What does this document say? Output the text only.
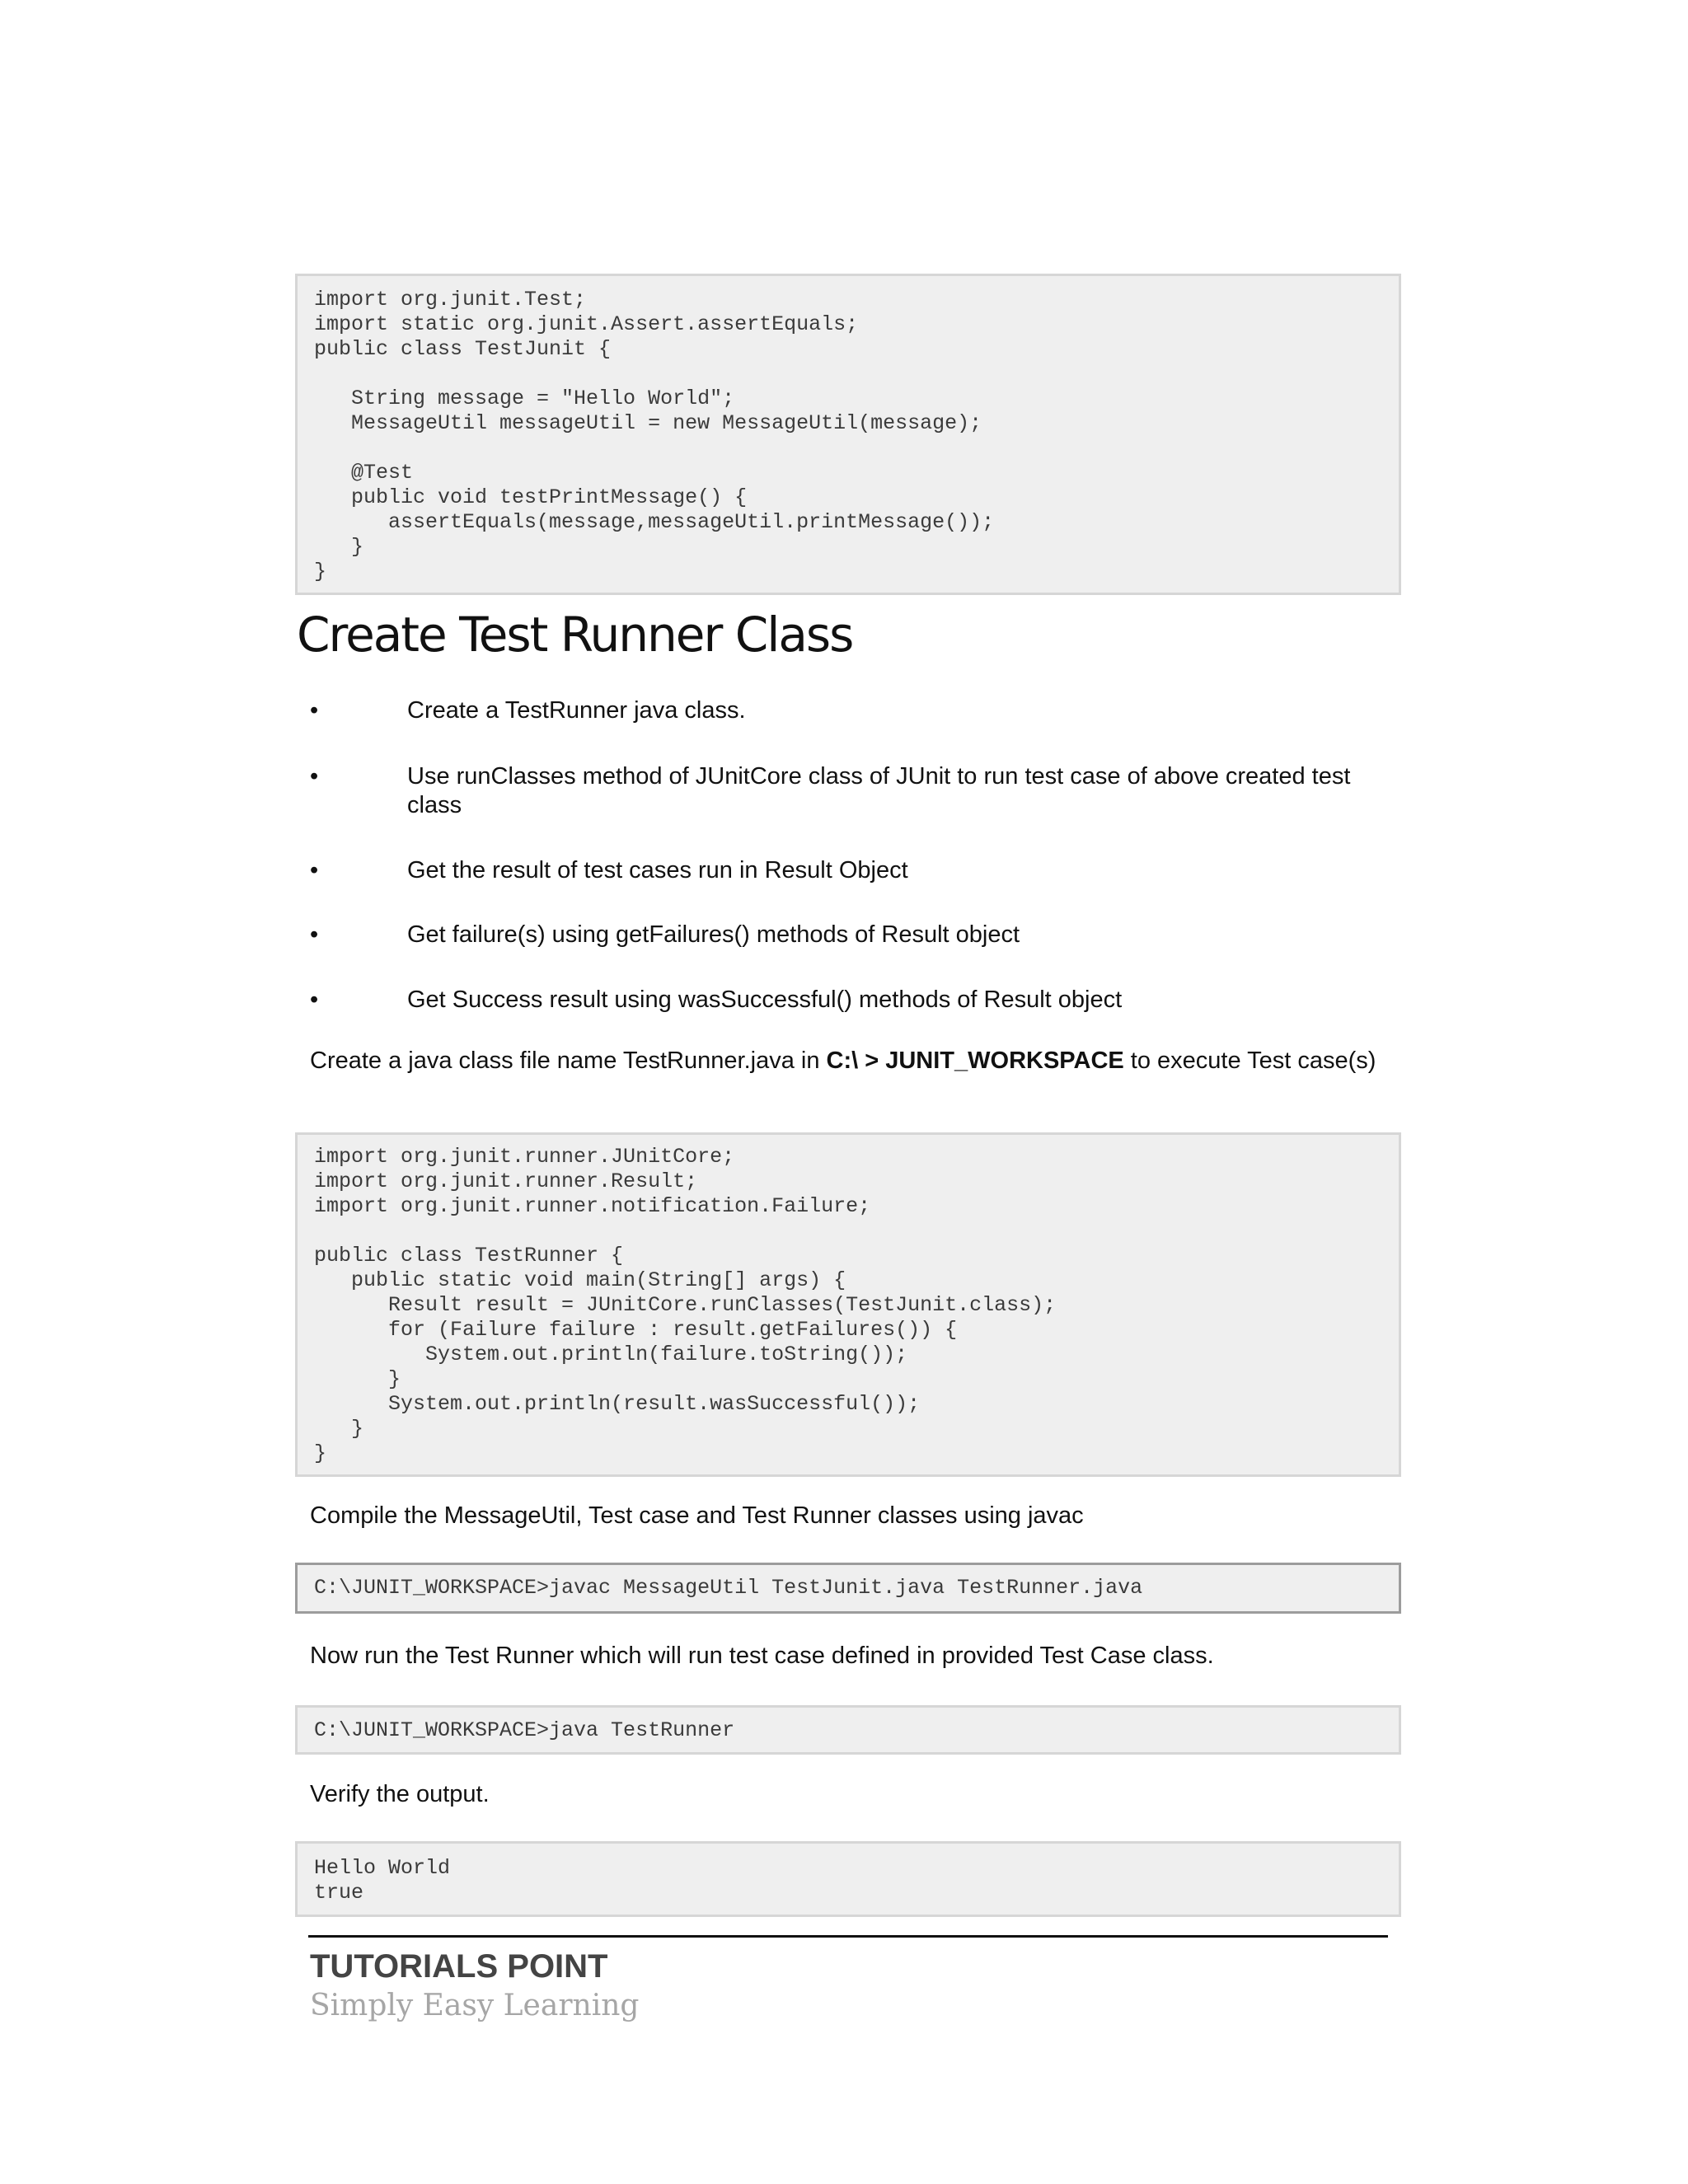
import org.junit.Test;
import static org.junit.Assert.assertEquals;
public class TestJunit {

String message = "Hello World";
MessageUtil messageUtil = new MessageUtil(message);

@Test
public void testPrintMessage() {
assertEquals(message,messageUtil.printMessage());
}
}
Create Test Runner Class
•	Create a TestRunner java class.
•	Use runClasses method of JUnitCore class of JUnit to run test case of above created test class
•	Get the result of test cases run in Result Object
•	Get failure(s) using getFailures() methods of Result object
•	Get Success result using wasSuccessful() methods of Result object

Create a java class file name TestRunner.java in C:\ > JUNIT_WORKSPACE to execute Test case(s)

import org.junit.runner.JUnitCore;
import org.junit.runner.Result;
import org.junit.runner.notification.Failure;

public class TestRunner {
public static void main(String[] args) {
Result result = JUnitCore.runClasses(TestJunit.class);
for (Failure failure : result.getFailures()) {
System.out.println(failure.toString());
}
System.out.println(result.wasSuccessful());
}
}

Compile the MessageUtil, Test case and Test Runner classes using javac

C:\JUNIT_WORKSPACE>javac MessageUtil TestJunit.java TestRunner.java

Now run the Test Runner which will run test case defined in provided Test Case class.

C:\JUNIT_WORKSPACE>java TestRunner

Verify the output.

Hello World
true

TUTORIALS POINT

Simply Easy Learning
